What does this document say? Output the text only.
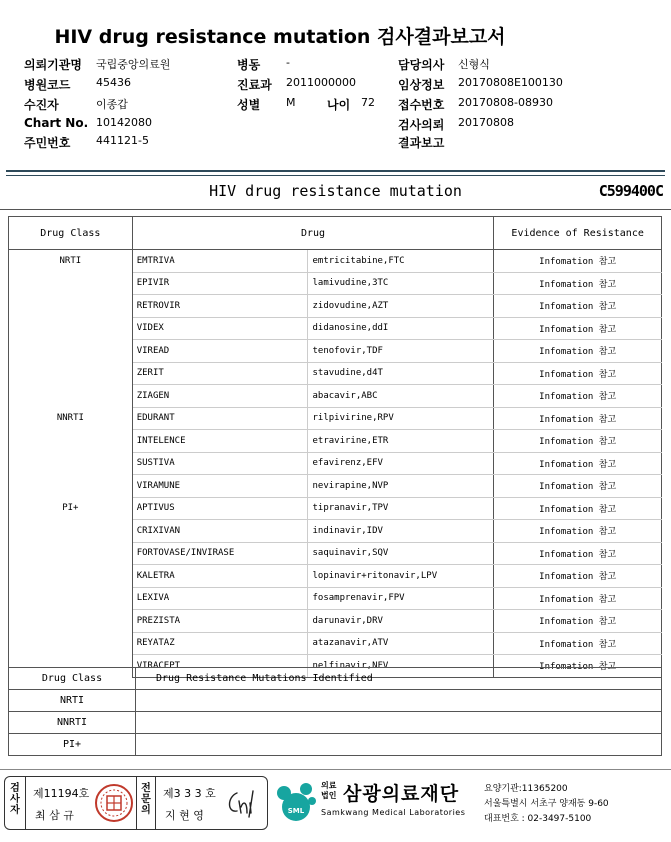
HIV drug resistance mutation 검사결과보고서
의뢰기관명 국립중앙의료원
병원코드 45436
수진자	이종갑
Chart No. 10142080
주민번호 441121-5
병동 -
진료과 2011000000
성별 M	나이 72
담당의사 신형식
임상정보 20170808E100130
접수번호 20170808-08930
검사의뢰 20170808
결과보고
HIV drug resistance mutation	C599400C
Drug Class	Drug		Evidence of Resistance
NRTI	EMTRIVA	emtricitabine,FTC	Infomation 참고
	EPIVIR	lamivudine,3TC	Infomation 참고
	RETROVIR	zidovudine,AZT	Infomation 참고
	VIDEX	didanosine,ddI	Infomation 참고
	VIREAD	tenofovir,TDF	Infomation 참고
	ZERIT	stavudine,d4T	Infomation 참고
	ZIAGEN	abacavir,ABC	Infomation 참고
NNRTI	EDURANT	rilpivirine,RPV	Infomation 참고
	INTELENCE	etravirine,ETR	Infomation 참고
	SUSTIVA	efavirenz,EFV	Infomation 참고
	VIRAMUNE	nevirapine,NVP	Infomation 참고
PI+	APTIVUS	tipranavir,TPV	Infomation 참고
	CRIXIVAN	indinavir,IDV	Infomation 참고
	FORTOVASE/INVIRASE	saquinavir,SQV	Infomation 참고
	KALETRA	lopinavir+ritonavir,LPV	Infomation 참고
	LEXIVA	fosamprenavir,FPV	Infomation 참고
	PREZISTA	darunavir,DRV	Infomation 참고
	REYATAZ	atazanavir,ATV	Infomation 참고
	VIRACEPT	nelfinavir,NFV	Infomation 참고
Drug Class	Drug Resistance Mutations Identified
NRTI	
NNRTI	
PI+	
검사자
제11194호
최 삼 규
전문의
제3 3 3 호
지 현 영	SML
의료법인 삼광의료재단
Samkwang Medical Laboratories
요양기관:11365200
서울특별시 서초구 양재동 9-60
대표번호 : 02-3497-5100
